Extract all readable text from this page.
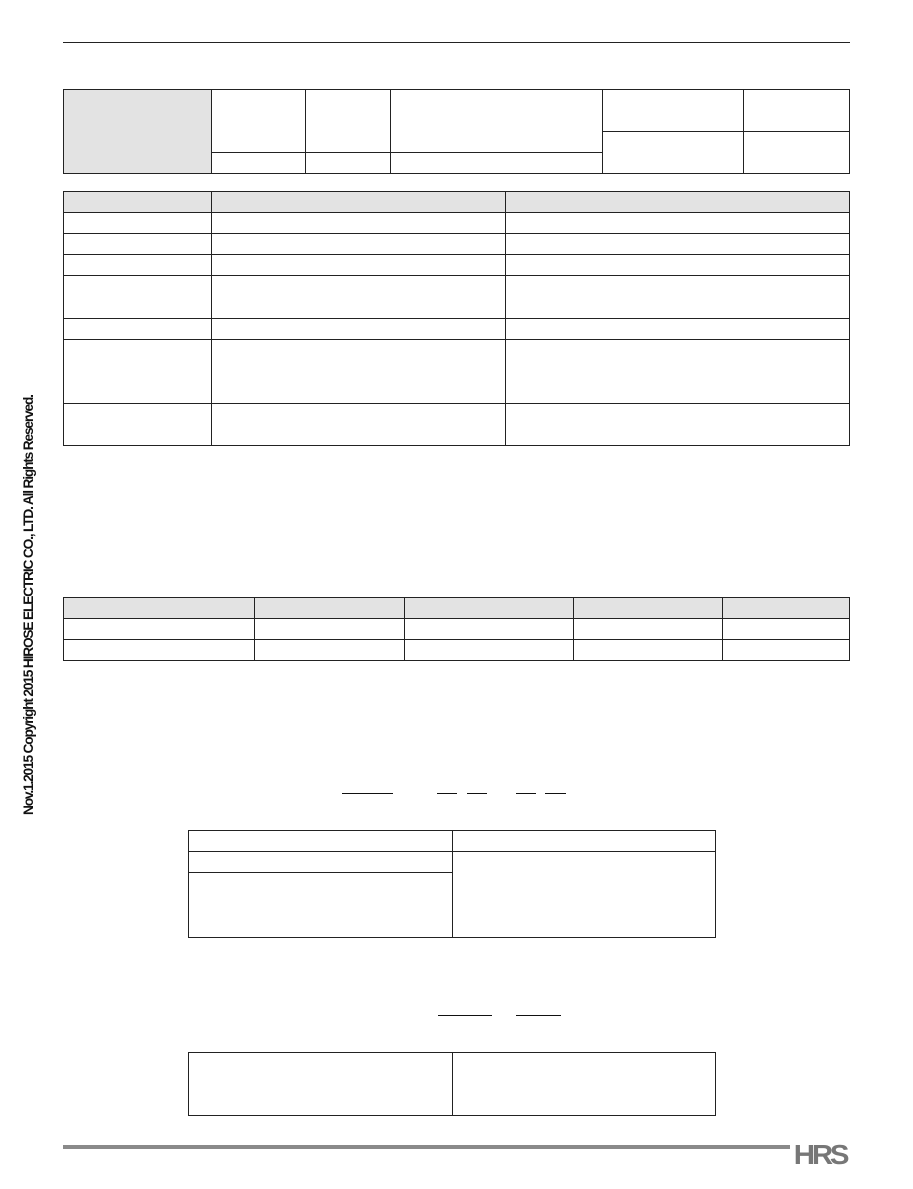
Nov.1.2015 Copyright 2015 HIROSE ELECTRIC CO., LTD. All Rights Reserved.

HRS
